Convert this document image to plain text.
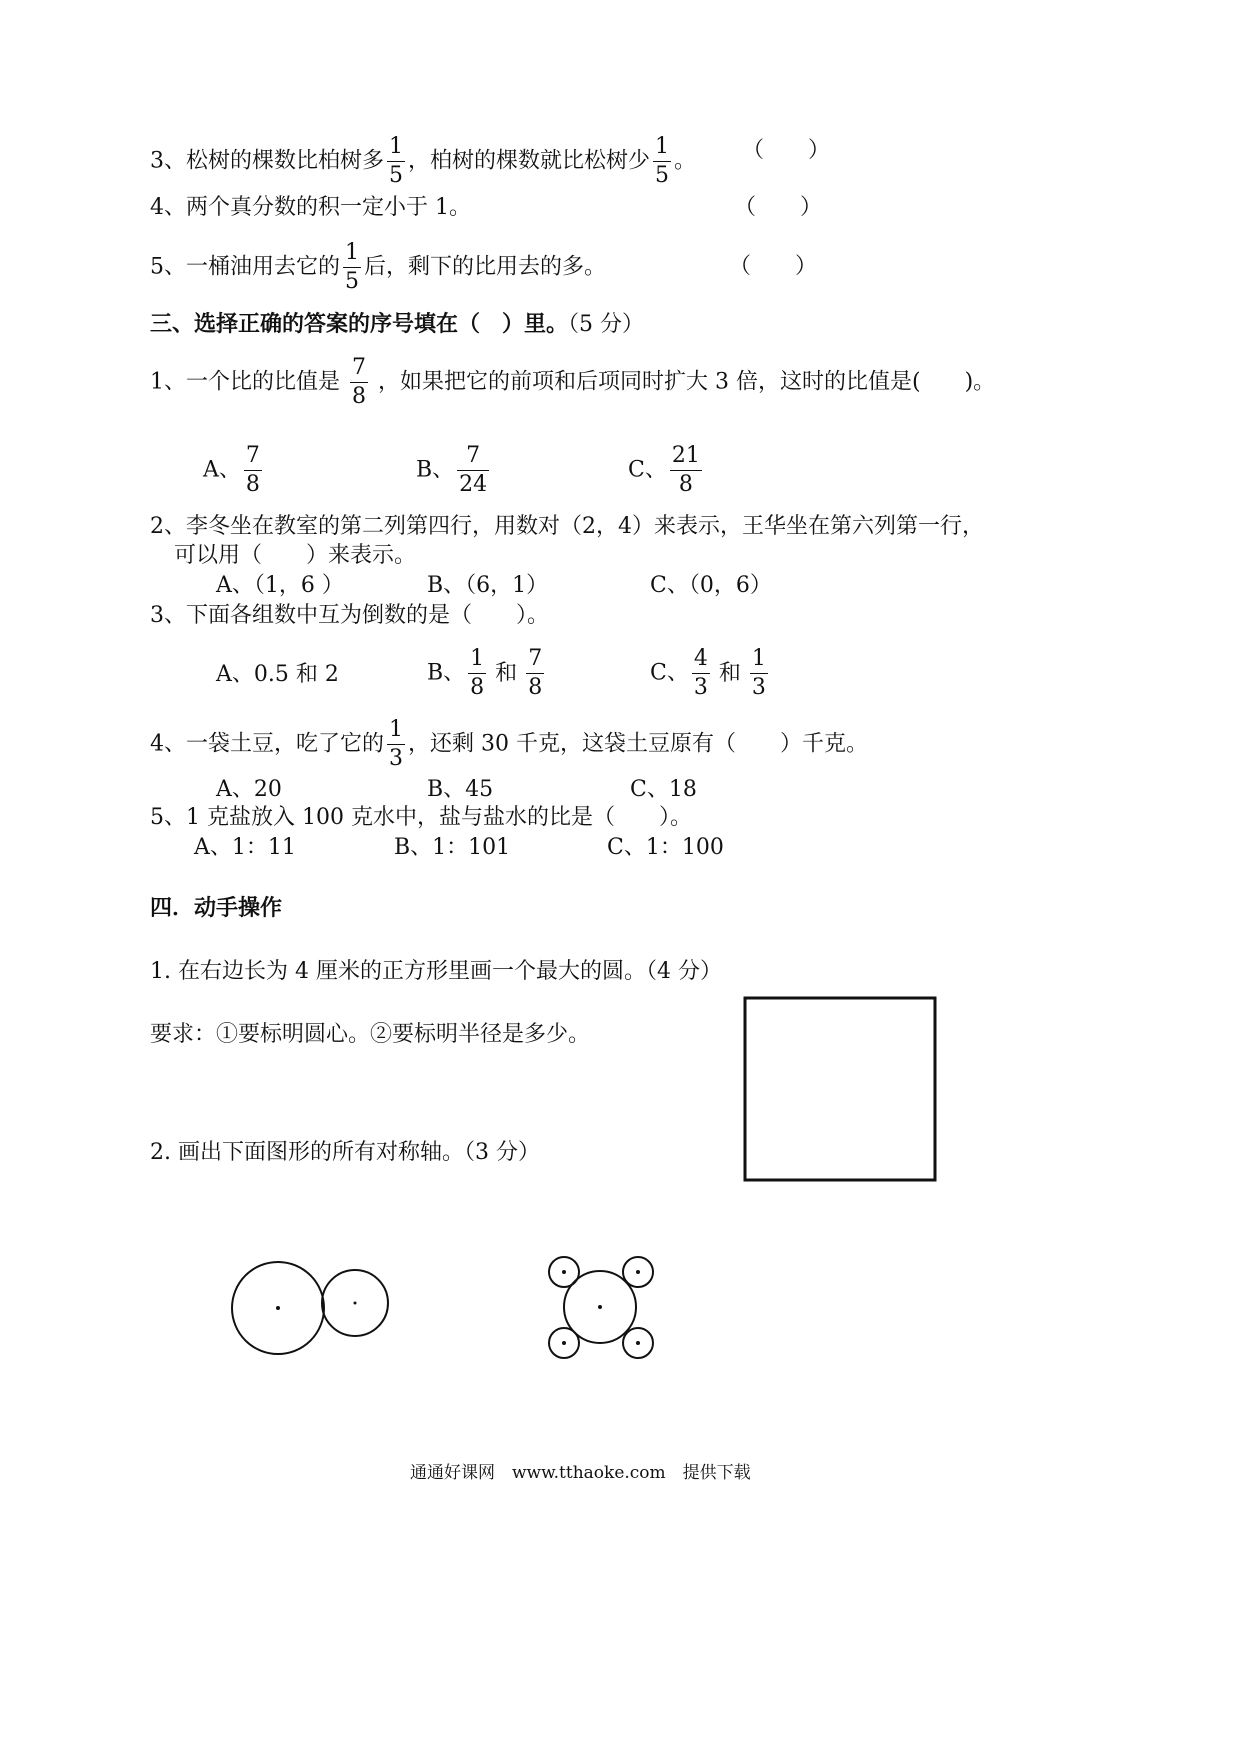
3、松树的棵数比柏树多 $\frac{1}{5}$ ，柏树的棵数就比松树少 $\frac{1}{5}$ 。 （　　）
4、两个真分数的积一定小于 1。	（　　）
5、一桶油用去它的 $\frac{1}{5}$ 后，剩下的比用去的多。	（　　）
三、选择正确的答案的序号填在（　）里。（5 分）
1、一个比的比值是 $\frac{7}{8}$ ，如果把它的前项和后项同时扩大 3 倍，这时的比值是(　　)。
A、 $\frac{7}{8}$	B、 $\frac{7}{24}$	C、 $\frac{21}{8}$
2、李冬坐在教室的第二列第四行，用数对（2，4）来表示，王华坐在第六列第一行，
可以用（　　）来表示。
A、（1，6 ）	B、（6，1）	C、（0，6）
3、下面各组数中互为倒数的是（　　）。
A、0.5 和 2	B、 $\frac{1}{8}$ 和 $\frac{7}{8}$	C、 $\frac{4}{3}$ 和 $\frac{1}{3}$
4、一袋土豆，吃了它的 $\frac{1}{3}$ ，还剩 30 千克，这袋土豆原有（　　）千克。
A、20	B、45	C、18
5、1 克盐放入 100 克水中，盐与盐水的比是（　　）。
A、1：11	B、1：101	C、1：100
四．动手操作
1. 在右边长为 4 厘米的正方形里画一个最大的圆。（4 分）
要求：①要标明圆心。②要标明半径是多少。
2. 画出下面图形的所有对称轴。（3 分）
通通好课网　www.tthaoke.com　提供下载
